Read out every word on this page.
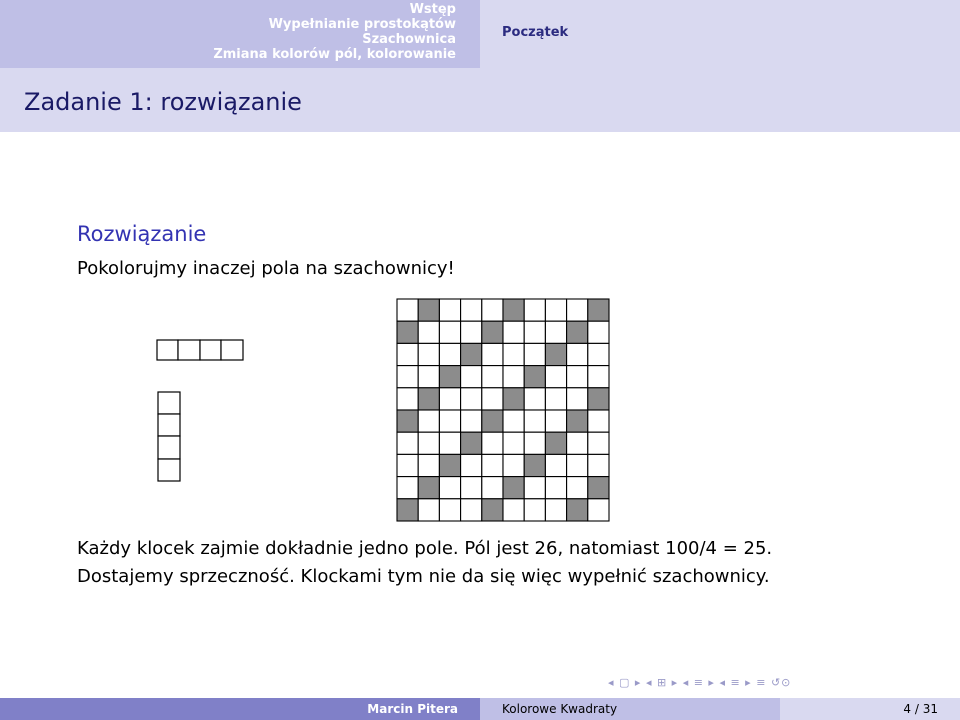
Wstęp
Wypełnianie prostokątów
Szachownica
Zmiana kolorów pól, kolorowanie
Początek
Zadanie 1: rozwiązanie
Rozwiązanie
Pokolorujmy inaczej pola na szachownicy!
Każdy klocek zajmie dokładnie jedno pole. Pól jest 26, natomiast 100/4 = 25.
Dostajemy sprzeczność. Klockami tym nie da się więc wypełnić szachownicy.
◂ ▢ ▸ ◂ ⊞ ▸ ◂ ≡ ▸ ◂ ≡ ▸ ≡ ↺⊙
Marcin Pitera	Kolorowe Kwadraty	4 / 31
